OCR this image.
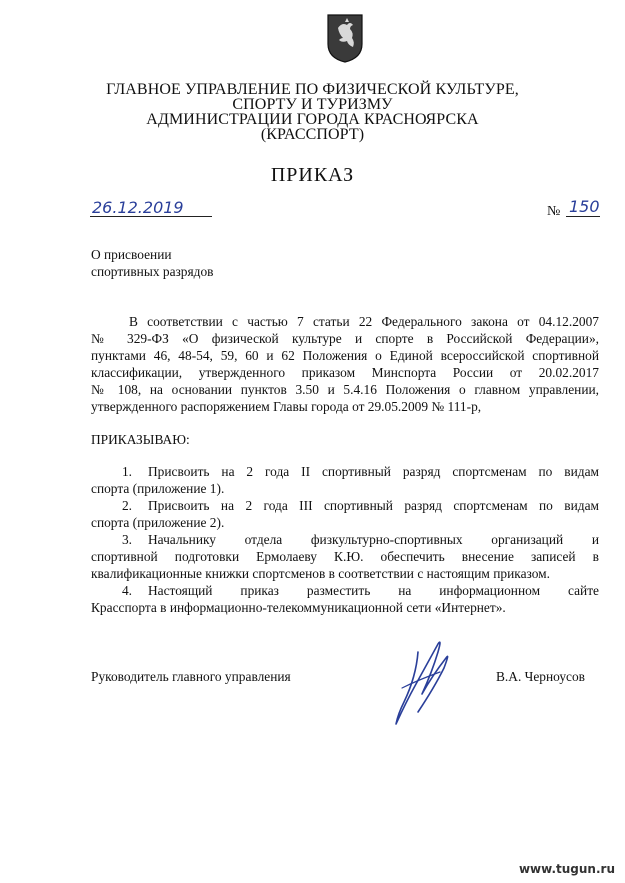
ГЛАВНОЕ УПРАВЛЕНИЕ ПО ФИЗИЧЕСКОЙ КУЛЬТУРЕ,
СПОРТУ И ТУРИЗМУ
АДМИНИСТРАЦИИ ГОРОДА КРАСНОЯРСКА
(КРАССПОРТ)
ПРИКАЗ
26.12.2019	№ 150
О присвоении
спортивных разрядов
В соответствии с частью 7 статьи 22 Федерального закона от 04.12.2007
№ 329-ФЗ «О физической культуре и спорте в Российской Федерации»,
пунктами 46, 48-54, 59, 60 и 62 Положения о Единой всероссийской спортивной
классификации, утвержденного приказом Минспорта России от 20.02.2017
№ 108, на основании пунктов 3.50 и 5.4.16 Положения о главном управлении,
утвержденного распоряжением Главы города от 29.05.2009 № 111-р,
ПРИКАЗЫВАЮ:
1.	Присвоить на 2 года II спортивный разряд спортсменам по видам
спорта (приложение 1).
2.	Присвоить на 2 года III спортивный разряд спортсменам по видам
спорта (приложение 2).
3.	Начальнику отдела физкультурно-спортивных организаций и
спортивной подготовки Ермолаеву К.Ю. обеспечить внесение записей в
квалификационные книжки спортсменов в соответствии с настоящим приказом.
4.	Настоящий приказ разместить на информационном сайте
Красспорта в информационно-телекоммуникационной сети «Интернет».
Руководитель главного управления	В.А. Черноусов
www.tugun.ru
